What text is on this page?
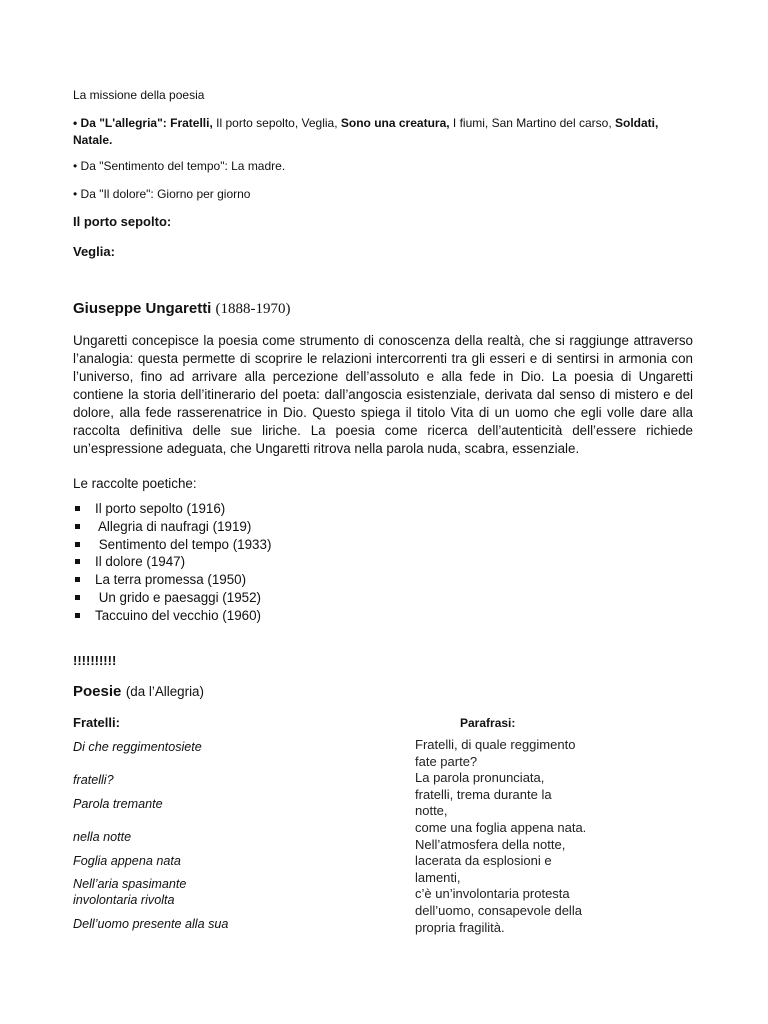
La missione della poesia
• Da "L'allegria": Fratelli, Il porto sepolto, Veglia, Sono una creatura, I fiumi, San Martino del carso, Soldati,
Natale.
• Da "Sentimento del tempo": La madre.
• Da "Il dolore": Giorno per giorno
Il porto sepolto:
Veglia:
Giuseppe Ungaretti (1888-1970)
Ungaretti concepisce la poesia come strumento di conoscenza della realtà, che si raggiunge attraverso l’analogia: questa permette di scoprire le relazioni intercorrenti tra gli esseri e di sentirsi in armonia con l’universo, fino ad arrivare alla percezione dell’assoluto e alla fede in Dio. La poesia di Ungaretti contiene la storia dell’itinerario del poeta: dall’angoscia esistenziale, derivata dal senso di mistero e del dolore, alla fede rasserenatrice in Dio. Questo spiega il titolo Vita di un uomo che egli volle dare alla raccolta definitiva delle sue liriche. La poesia come ricerca dell’autenticità dell’essere richiede un’espressione adeguata, che Ungaretti ritrova nella parola nuda, scabra, essenziale.
Le raccolte poetiche:
Il porto sepolto (1916)
Allegria di naufragi (1919)
Sentimento del tempo (1933)
Il dolore (1947)
La terra promessa (1950)
Un grido e paesaggi (1952)
Taccuino del vecchio (1960)
!!!!!!!!!!
Poesie (da l’Allegria)
Fratelli:	Parafrasi:
Di che reggimentosiete
fratelli?
Parola tremante
nella notte
Foglia appena nata
Nell’aria spasimante
involontaria rivolta
Dell’uomo presente alla sua
Fratelli, di quale reggimento
fate parte?
La parola pronunciata,
fratelli, trema durante la
notte,
come una foglia appena nata.
Nell’atmosfera della notte,
lacerata da esplosioni e
lamenti,
c’è un’involontaria protesta
dell’uomo, consapevole della
propria fragilità.
